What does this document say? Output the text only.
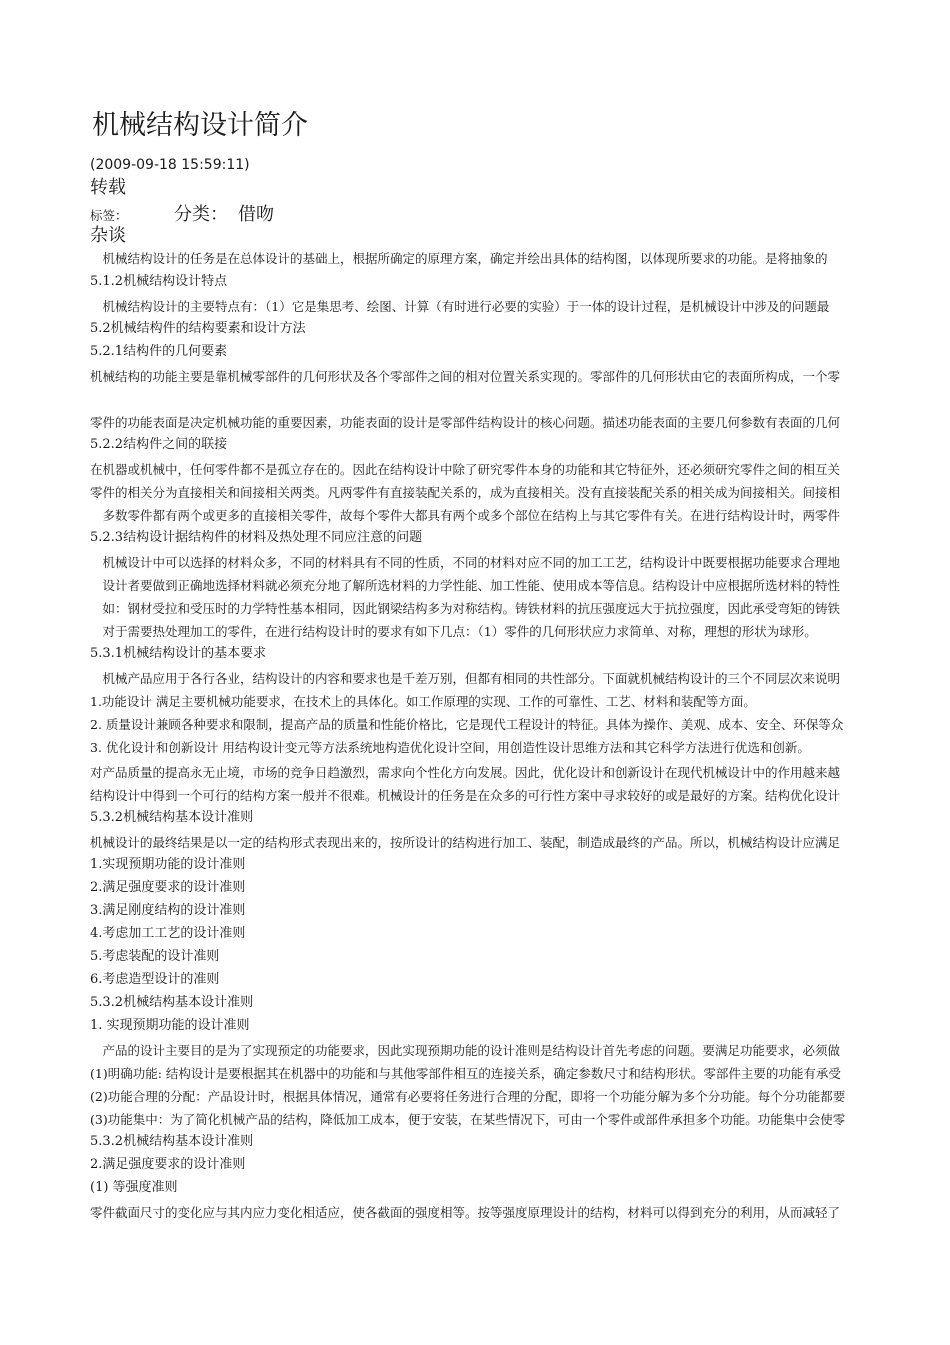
机械结构设计简介
(2009-09-18 15:59:11)
转载
标签：	分类： 借吻
杂谈
　机械结构设计的任务是在总体设计的基础上，根据所确定的原理方案，确定并绘出具体的结构图，以体现所要求的功能。是将抽象的
5.1.2机械结构设计特点
　机械结构设计的主要特点有：（1）它是集思考、绘图、计算（有时进行必要的实验）于一体的设计过程，是机械设计中涉及的问题最
5.2机械结构件的结构要素和设计方法
5.2.1结构件的几何要素
机械结构的功能主要是靠机械零部件的几何形状及各个零部件之间的相对位置关系实现的。零部件的几何形状由它的表面所构成，一个零
零件的功能表面是决定机械功能的重要因素，功能表面的设计是零部件结构设计的核心问题。描述功能表面的主要几何参数有表面的几何
5.2.2结构件之间的联接
在机器或机械中，任何零件都不是孤立存在的。因此在结构设计中除了研究零件本身的功能和其它特征外，还必须研究零件之间的相互关
零件的相关分为直接相关和间接相关两类。凡两零件有直接装配关系的，成为直接相关。没有直接装配关系的相关成为间接相关。间接相
　多数零件都有两个或更多的直接相关零件，故每个零件大都具有两个或多个部位在结构上与其它零件有关。在进行结构设计时，两零件
5.2.3结构设计据结构件的材料及热处理不同应注意的问题
　机械设计中可以选择的材料众多，不同的材料具有不同的性质，不同的材料对应不同的加工工艺，结构设计中既要根据功能要求合理地
　设计者要做到正确地选择材料就必须充分地了解所选材料的力学性能、加工性能、使用成本等信息。结构设计中应根据所选材料的特性
　如：钢材受拉和受压时的力学特性基本相同，因此钢梁结构多为对称结构。铸铁材料的抗压强度远大于抗拉强度，因此承受弯矩的铸铁
　对于需要热处理加工的零件，在进行结构设计时的要求有如下几点：（1）零件的几何形状应力求简单、对称，理想的形状为球形。
5.3.1机械结构设计的基本要求
　机械产品应用于各行各业，结构设计的内容和要求也是千差万别，但都有相同的共性部分。下面就机械结构设计的三个不同层次来说明
1.功能设计 满足主要机械功能要求，在技术上的具体化。如工作原理的实现、工作的可靠性、工艺、材料和装配等方面。
2. 质量设计兼顾各种要求和限制，提高产品的质量和性能价格比，它是现代工程设计的特征。具体为操作、美观、成本、安全、环保等众
3. 优化设计和创新设计 用结构设计变元等方法系统地构造优化设计空间，用创造性设计思维方法和其它科学方法进行优选和创新。
对产品质量的提高永无止境，市场的竞争日趋激烈，需求向个性化方向发展。因此，优化设计和创新设计在现代机械设计中的作用越来越
结构设计中得到一个可行的结构方案一般并不很难。机械设计的任务是在众多的可行性方案中寻求较好的或是最好的方案。结构优化设计
5.3.2机械结构基本设计准则
机械设计的最终结果是以一定的结构形式表现出来的，按所设计的结构进行加工、装配，制造成最终的产品。所以，机械结构设计应满足
1.实现预期功能的设计准则
2.满足强度要求的设计准则
3.满足刚度结构的设计准则
4.考虑加工工艺的设计准则
5.考虑装配的设计准则
6.考虑造型设计的准则
5.3.2机械结构基本设计准则
1. 实现预期功能的设计准则
　产品的设计主要目的是为了实现预定的功能要求，因此实现预期功能的设计准则是结构设计首先考虑的问题。要满足功能要求，必须做
(1)明确功能: 结构设计是要根据其在机器中的功能和与其他零部件相互的连接关系，确定参数尺寸和结构形状。零部件主要的功能有承受
(2)功能合理的分配：产品设计时，根据具体情况，通常有必要将任务进行合理的分配，即将一个功能分解为多个分功能。每个分功能都要
(3)功能集中：为了简化机械产品的结构，降低加工成本，便于安装，在某些情况下，可由一个零件或部件承担多个功能。功能集中会使零
5.3.2机械结构基本设计准则
2.满足强度要求的设计准则
(1) 等强度准则
零件截面尺寸的变化应与其内应力变化相适应，使各截面的强度相等。按等强度原理设计的结构，材料可以得到充分的利用，从而减轻了
